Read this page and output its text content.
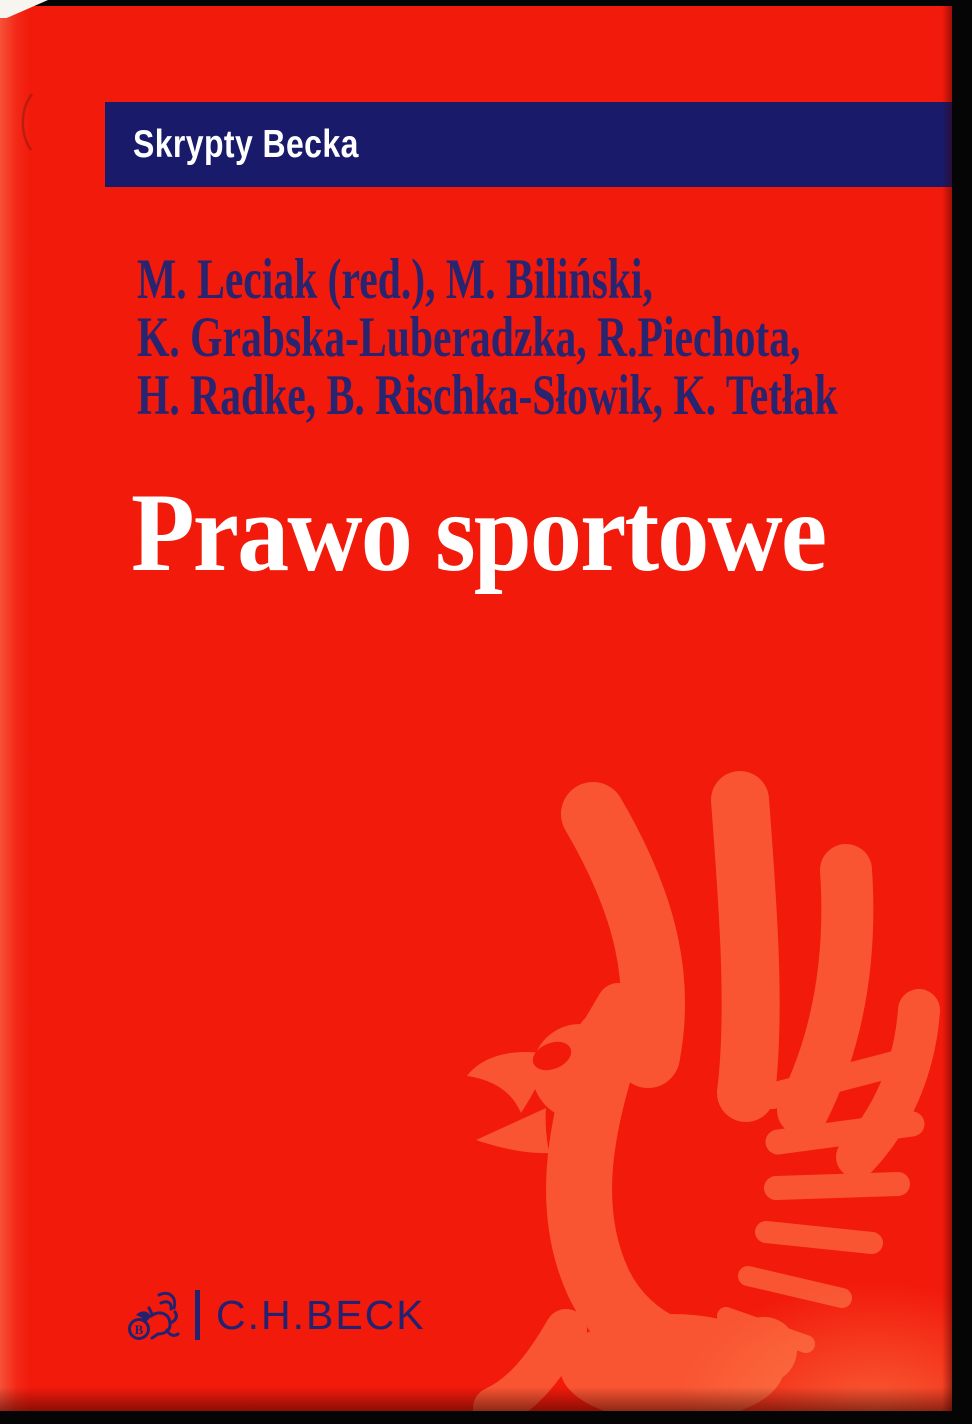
Skrypty Becka

M. Leciak (red.), M. Biliński,

K. Grabska-Luberadzka, R.Piechota,

H. Radke, B. Rischka-Słowik, K. Tetłak

Prawo sportowe
B C.H.BECK
